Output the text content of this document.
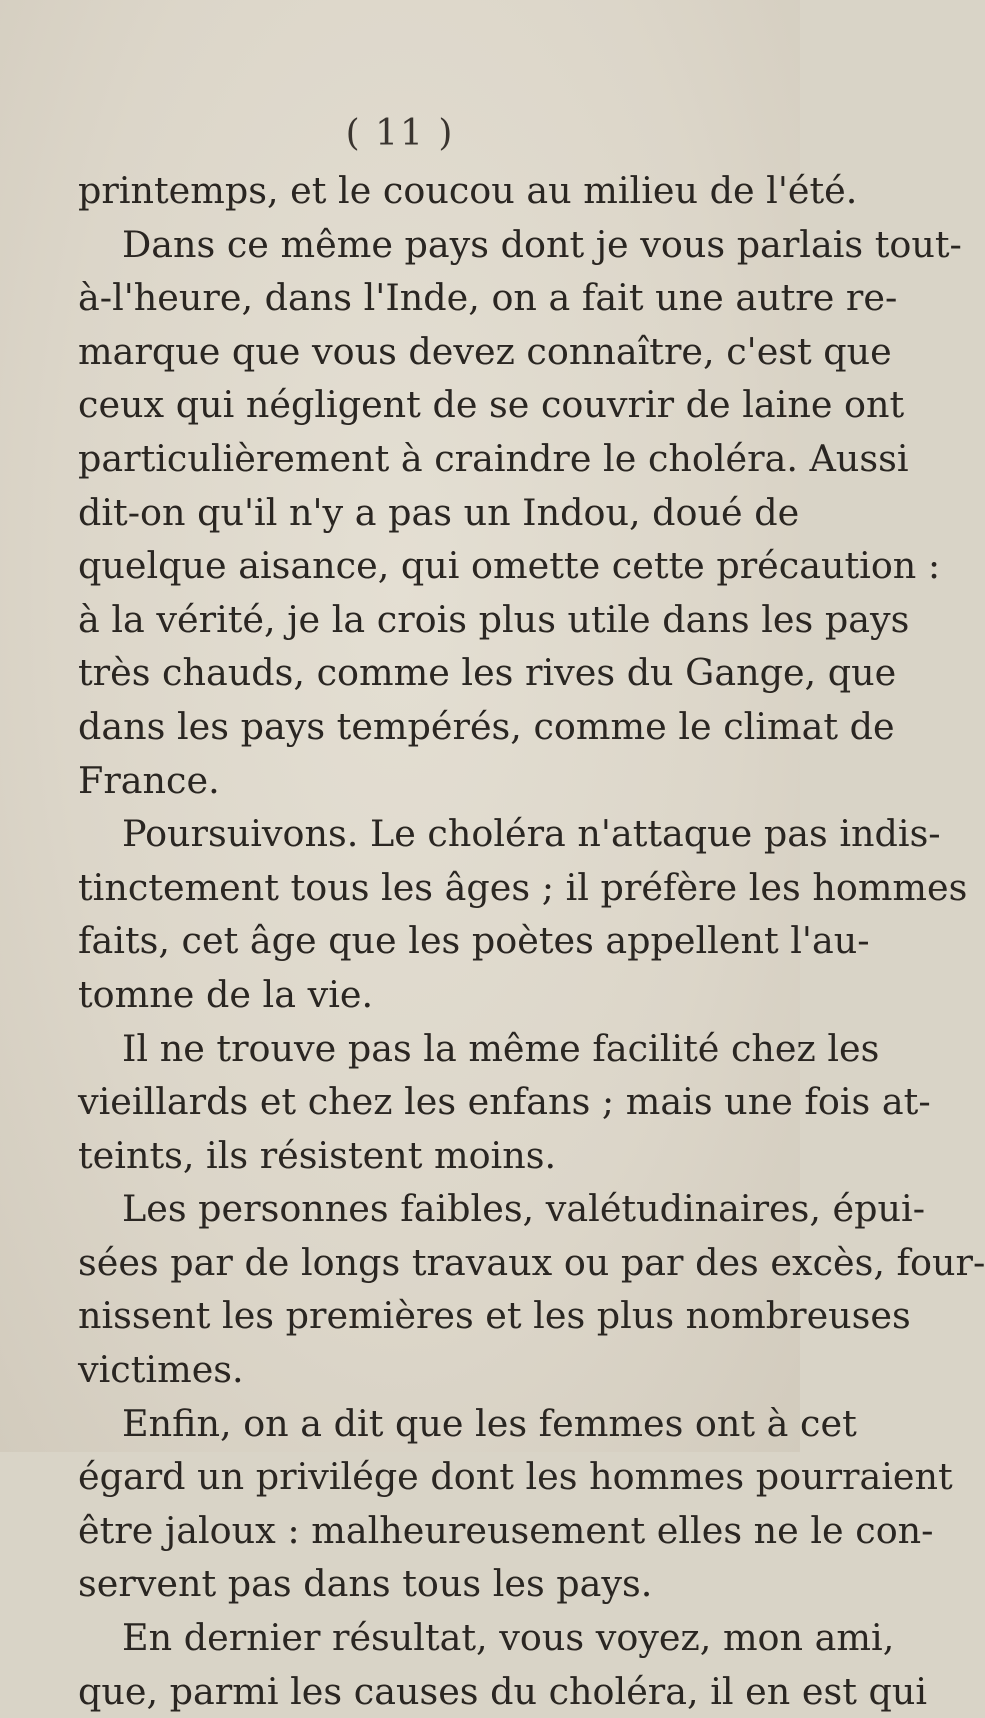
( 11 )
printemps, et le coucou au milieu de l'été.
Dans ce même pays dont je vous parlais tout-
à-l'heure, dans l'Inde, on a fait une autre re-
marque que vous devez connaître, c'est que
ceux qui négligent de se couvrir de laine ont
particulièrement à craindre le choléra. Aussi
dit-on qu'il n'y a pas un Indou, doué de
quelque aisance, qui omette cette précaution :
à la vérité, je la crois plus utile dans les pays
très chauds, comme les rives du Gange, que
dans les pays tempérés, comme le climat de
France.
Poursuivons. Le choléra n'attaque pas indis-
tinctement tous les âges ; il préfère les hommes
faits, cet âge que les poètes appellent l'au-
tomne de la vie.
Il ne trouve pas la même facilité chez les
vieillards et chez les enfans ; mais une fois at-
teints, ils résistent moins.
Les personnes faibles, valétudinaires, épui-
sées par de longs travaux ou par des excès, four-
nissent les premières et les plus nombreuses
victimes.
Enfin, on a dit que les femmes ont à cet
égard un privilége dont les hommes pourraient
être jaloux : malheureusement elles ne le con-
servent pas dans tous les pays.
En dernier résultat, vous voyez, mon ami,
que, parmi les causes du choléra, il en est qui
